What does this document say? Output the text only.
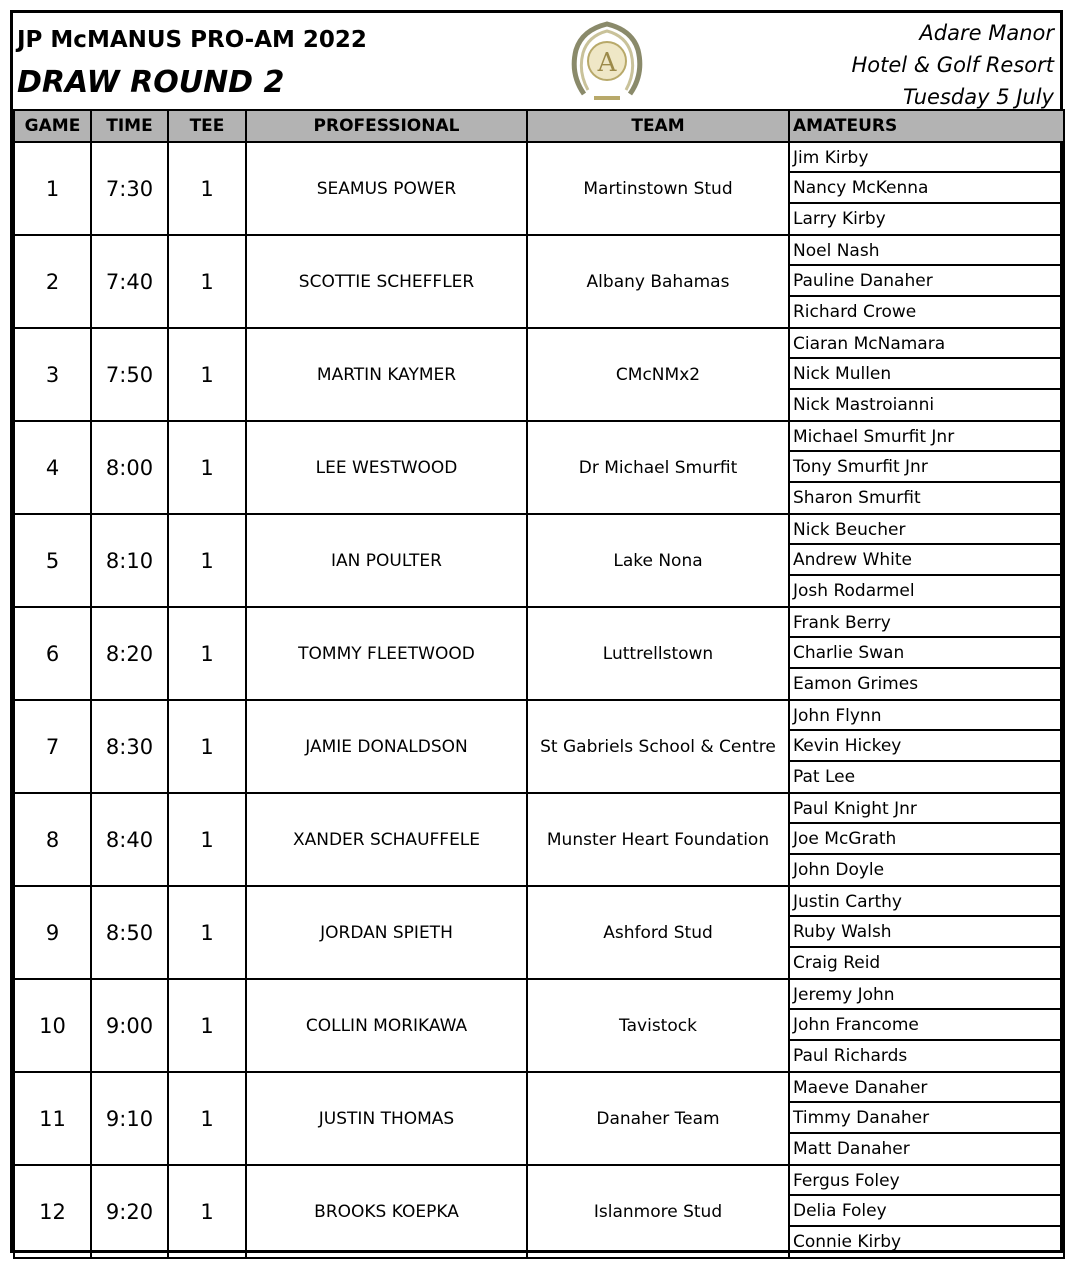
JP McMANUS PRO-AM 2022
DRAW ROUND 2
A
Adare Manor
Hotel & Golf Resort
Tuesday 5 July
GAME	TIME	TEE	PROFESSIONAL	TEAM	AMATEURS
1	7:30	1	SEAMUS POWER	Martinstown Stud	Jim Kirby
Nancy McKenna
Larry Kirby

2	7:40	1	SCOTTIE SCHEFFLER	Albany Bahamas	Noel Nash
Pauline Danaher
Richard Crowe

3	7:50	1	MARTIN KAYMER	CMcNMx2	Ciaran McNamara
Nick Mullen
Nick Mastroianni

4	8:00	1	LEE WESTWOOD	Dr Michael Smurfit	Michael Smurfit Jnr
Tony Smurfit Jnr
Sharon Smurfit

5	8:10	1	IAN POULTER	Lake Nona	Nick Beucher
Andrew White
Josh Rodarmel

6	8:20	1	TOMMY FLEETWOOD	Luttrellstown	Frank Berry
Charlie Swan
Eamon Grimes

7	8:30	1	JAMIE DONALDSON	St Gabriels School & Centre	John Flynn
Kevin Hickey
Pat Lee

8	8:40	1	XANDER SCHAUFFELE	Munster Heart Foundation	Paul Knight Jnr
Joe McGrath
John Doyle

9	8:50	1	JORDAN SPIETH	Ashford Stud	Justin Carthy
Ruby Walsh
Craig Reid

10	9:00	1	COLLIN MORIKAWA	Tavistock	Jeremy John
John Francome
Paul Richards

11	9:10	1	JUSTIN THOMAS	Danaher Team	Maeve Danaher
Timmy Danaher
Matt Danaher

12	9:20	1	BROOKS KOEPKA	Islanmore Stud	Fergus Foley
Delia Foley
Connie Kirby
